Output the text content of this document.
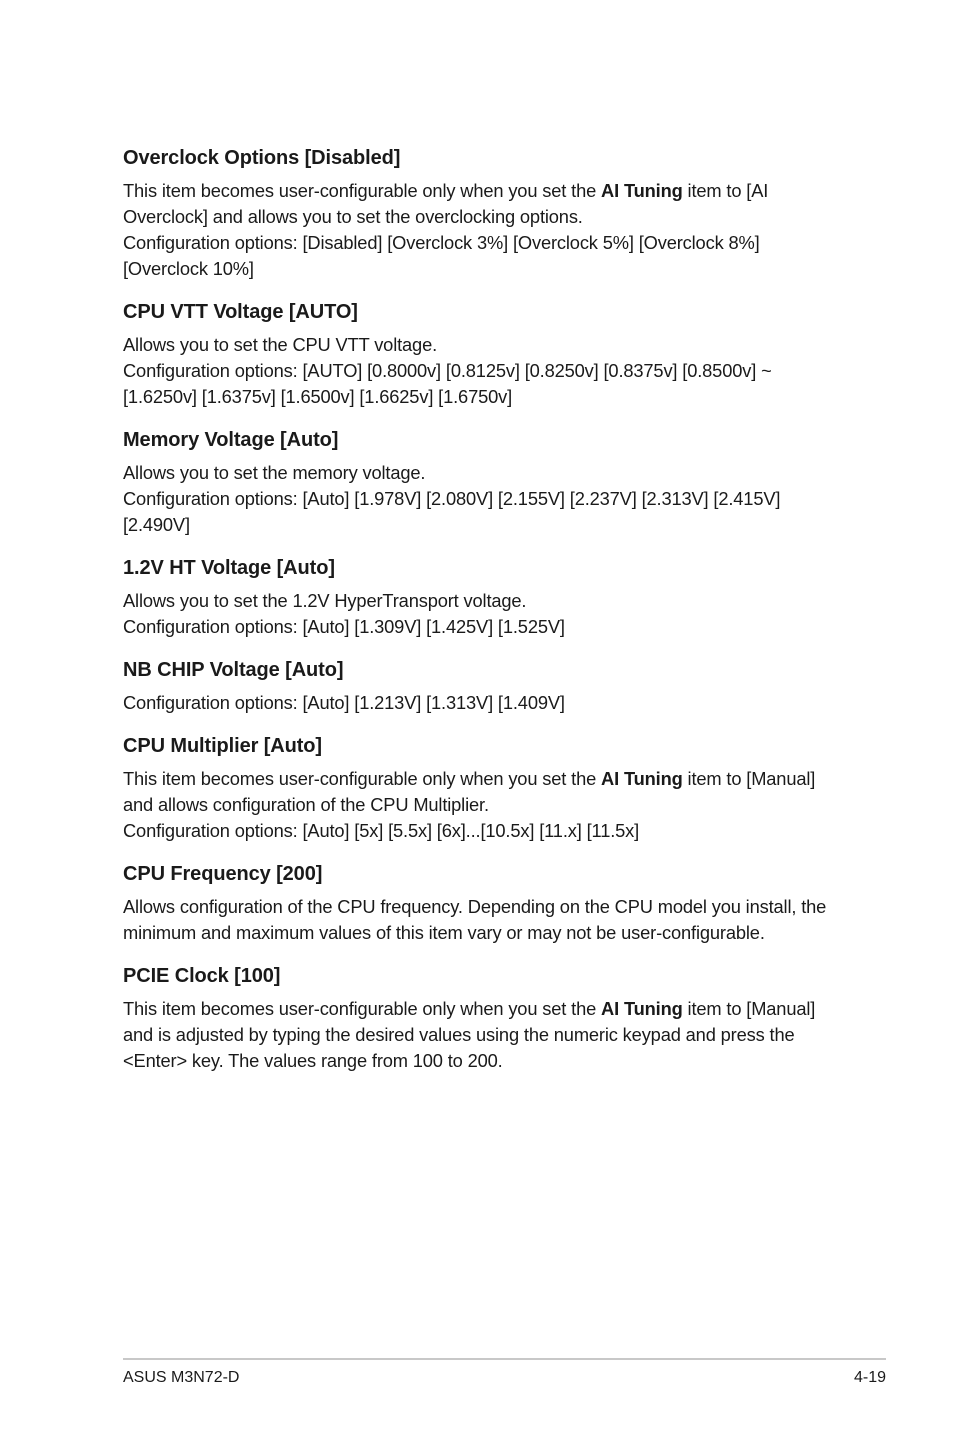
Overclock Options [Disabled]

This item becomes user-configurable only when you set the AI Tuning item to [AI Overclock] and allows you to set the overclocking options.

Configuration options: [Disabled] [Overclock 3%] [Overclock 5%] [Overclock 8%] [Overclock 10%]

CPU VTT Voltage [AUTO]

Allows you to set the CPU VTT voltage.

Configuration options: [AUTO] [0.8000v] [0.8125v] [0.8250v] [0.8375v] [0.8500v] ~ [1.6250v] [1.6375v] [1.6500v] [1.6625v] [1.6750v]

Memory Voltage [Auto]

Allows you to set the memory voltage.

Configuration options: [Auto] [1.978V] [2.080V] [2.155V] [2.237V] [2.313V] [2.415V] [2.490V]

1.2V HT Voltage [Auto]

Allows you to set the 1.2V HyperTransport voltage.

Configuration options: [Auto] [1.309V] [1.425V] [1.525V]

NB CHIP Voltage [Auto]

Configuration options: [Auto] [1.213V] [1.313V] [1.409V]

CPU Multiplier [Auto]

This item becomes user-configurable only when you set the AI Tuning item to [Manual] and allows configuration of the CPU Multiplier.

Configuration options: [Auto] [5x] [5.5x] [6x]...[10.5x] [11.x] [11.5x]

CPU Frequency [200]

Allows configuration of the CPU frequency. Depending on the CPU model you install, the minimum and maximum values of this item vary or may not be user-configurable.

PCIE Clock [100]

This item becomes user-configurable only when you set the AI Tuning item to [Manual] and is adjusted by typing the desired values using the numeric keypad and press the <Enter> key. The values range from 100 to 200.

ASUS M3N72-D	4-19
